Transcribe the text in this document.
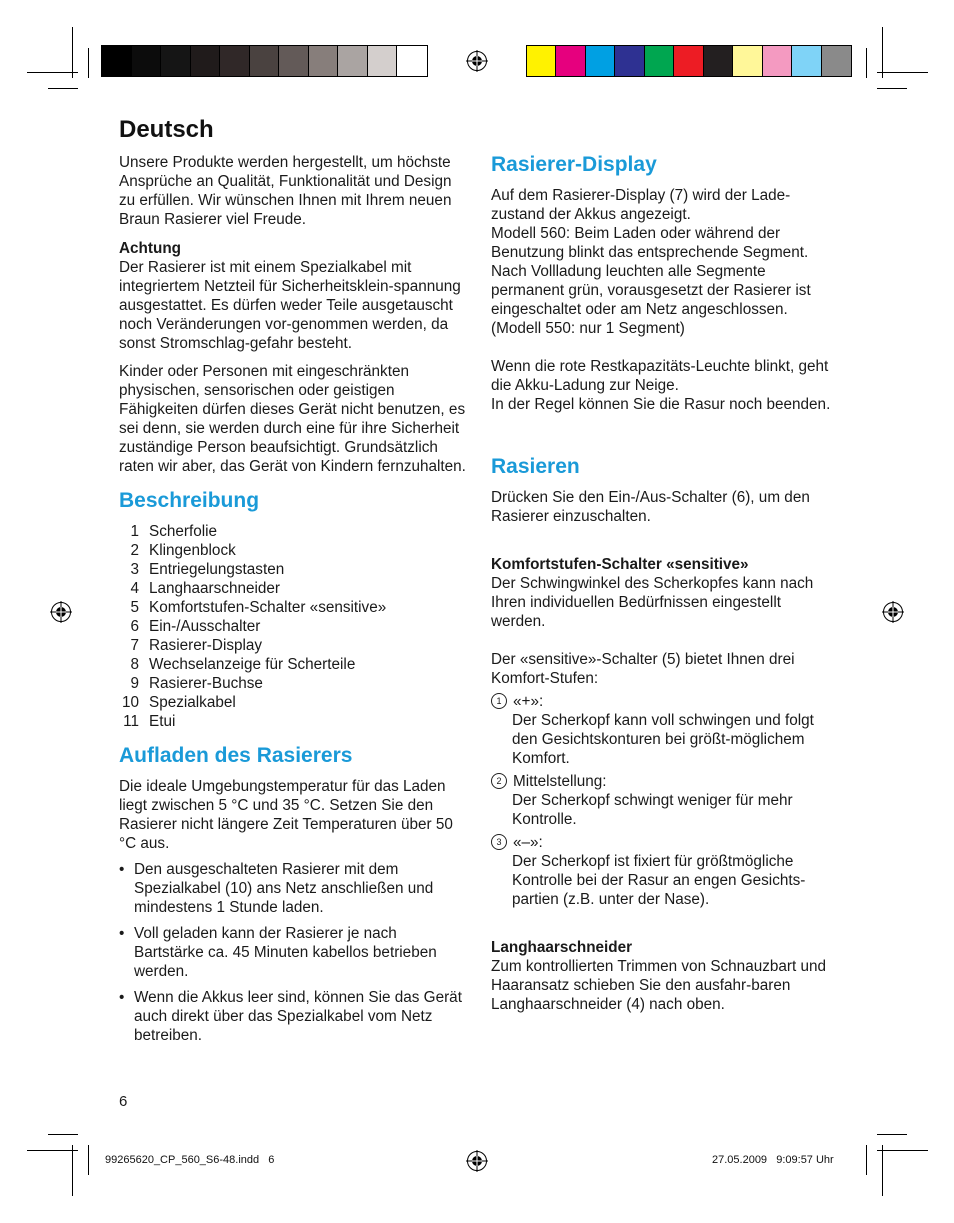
Deutsch

Unsere Produkte werden hergestellt, um höchste Ansprüche an Qualität, Funktionalität und Design zu erfüllen. Wir wünschen Ihnen mit Ihrem neuen Braun Rasierer viel Freude.

Achtung

Der Rasierer ist mit einem Spezialkabel mit integriertem Netzteil für Sicherheitsklein-spannung ausgestattet. Es dürfen weder Teile ausgetauscht noch Veränderungen vor-genommen werden, da sonst Stromschlag-gefahr besteht.

Kinder oder Personen mit eingeschränkten physischen, sensorischen oder geistigen Fähigkeiten dürfen dieses Gerät nicht benutzen, es sei denn, sie werden durch eine für ihre Sicherheit zuständige Person beaufsichtigt. Grundsätzlich raten wir aber, das Gerät von Kindern fernzuhalten.

Beschreibung
1 Scherfolie
2 Klingenblock
3 Entriegelungstasten
4 Langhaarschneider
5 Komfortstufen-Schalter «sensitive»
6 Ein-/Ausschalter
7 Rasierer-Display
8 Wechselanzeige für Scherteile
9 Rasierer-Buchse
10 Spezialkabel
11 Etui
Aufladen des Rasierers

Die ideale Umgebungstemperatur für das Laden liegt zwischen 5 °C und 35 °C. Setzen Sie den Rasierer nicht längere Zeit Temperaturen über 50 °C aus.

• Den ausgeschalteten Rasierer mit dem Spezialkabel (10) ans Netz anschließen und mindestens 1 Stunde laden.
• Voll geladen kann der Rasierer je nach Bartstärke ca. 45 Minuten kabellos betrieben werden.
• Wenn die Akkus leer sind, können Sie das Gerät auch direkt über das Spezialkabel vom Netz betreiben.
6
Rasierer-Display

Auf dem Rasierer-Display (7) wird der Lade-zustand der Akkus angezeigt.

Modell 560: Beim Laden oder während der Benutzung blinkt das entsprechende Segment. Nach Vollladung leuchten alle Segmente permanent grün, vorausgesetzt der Rasierer ist eingeschaltet oder am Netz angeschlossen.

(Modell 550: nur 1 Segment)

Wenn die rote Restkapazitäts-Leuchte blinkt, geht die Akku-Ladung zur Neige.

In der Regel können Sie die Rasur noch beenden.

Rasieren

Drücken Sie den Ein-/Aus-Schalter (6), um den Rasierer einzuschalten.

Komfortstufen-Schalter «sensitive»

Der Schwingwinkel des Scherkopfes kann nach Ihren individuellen Bedürfnissen eingestellt werden.

Der «sensitive»-Schalter (5) bietet Ihnen drei Komfort-Stufen:

1 «+»:
Der Scherkopf kann voll schwingen und folgt den Gesichtskonturen bei größt-möglichem Komfort.
2 Mittelstellung:
Der Scherkopf schwingt weniger für mehr Kontrolle.
3 «–»:
Der Scherkopf ist fixiert für größtmögliche Kontrolle bei der Rasur an engen Gesichts-partien (z.B. unter der Nase).

Langhaarschneider

Zum kontrollierten Trimmen von Schnauzbart und Haaransatz schieben Sie den ausfahr-baren Langhaarschneider (4) nach oben.

99265620_CP_560_S6-48.indd   6	27.05.2009   9:09:57 Uhr
